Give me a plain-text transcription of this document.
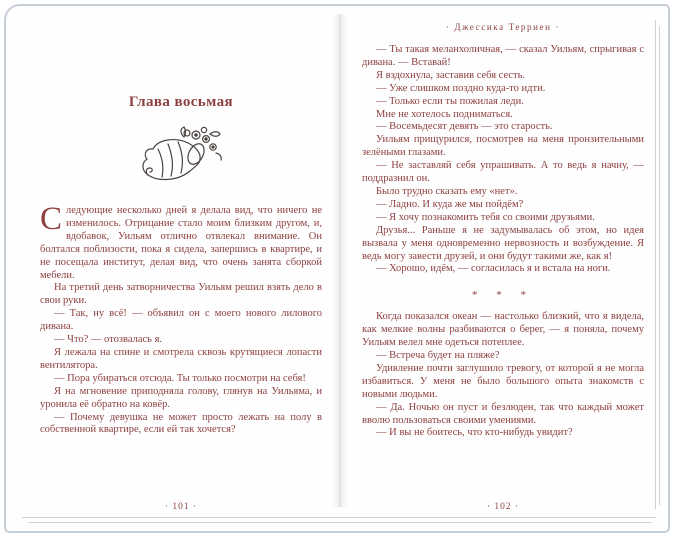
Глава восьмая

Следующие несколько дней я делала вид, что ничего не изменилось. Отрицание стало моим близким другом, и, вдобавок, Уильям отлично отвлекал внимание. Он болтался поблизости, пока я сидела, запершись в квартире, и не посещала институт, делая вид, что очень занята сборкой мебели.

На третий день затворничества Уильям решил взять дело в свои руки.

— Так, ну всё! — объявил он с моего нового лилового дивана.

— Что? — отозвалась я.

Я лежала на спине и смотрела сквозь крутящиеся лопасти вентилятора.

— Пора убираться отсюда. Ты только посмотри на себя!

Я на мгновение приподняла голову, глянув на Уильяма, и уронила её обратно на ковёр.

— Почему девушка не может просто лежать на полу в собственной квартире, если ей так хочется?

· 101 ·
· Джессика Терриен ·

— Ты такая меланхоличная, — сказал Уильям, спрыгивая с дивана. — Вставай!

Я вздохнула, заставив себя сесть.

— Уже слишком поздно куда-то идти.

— Только если ты пожилая леди.

Мне не хотелось подниматься.

— Восемьдесят девять — это старость.

Уильям прищурился, посмотрев на меня пронзительными зелёными глазами.

— Не заставляй себя упрашивать. А то ведь я начну, — поддразнил он.

Было трудно сказать ему «нет».

— Ладно. И куда же мы пойдём?

— Я хочу познакомить тебя со своими друзьями.

Друзья... Раньше я не задумывалась об этом, но идея вызвала у меня одновременно нервозность и возбуждение. Я ведь могу завести друзей, и они будут такими же, как я!

— Хорошо, идём, — согласилась я и встала на ноги.

* * *

Когда показался океан — настолько близкий, что я видела, как мелкие волны разбиваются о берег, — я поняла, почему Уильям велел мне одеться потеплее.

— Встреча будет на пляже?

Удивление почти заглушило тревогу, от которой я не могла избавиться. У меня не было большого опыта знакомств с новыми людьми.

— Да. Ночью он пуст и безлюден, так что каждый может вволю пользоваться своими умениями.

— И вы не боитесь, что кто-нибудь увидит?

· 102 ·
